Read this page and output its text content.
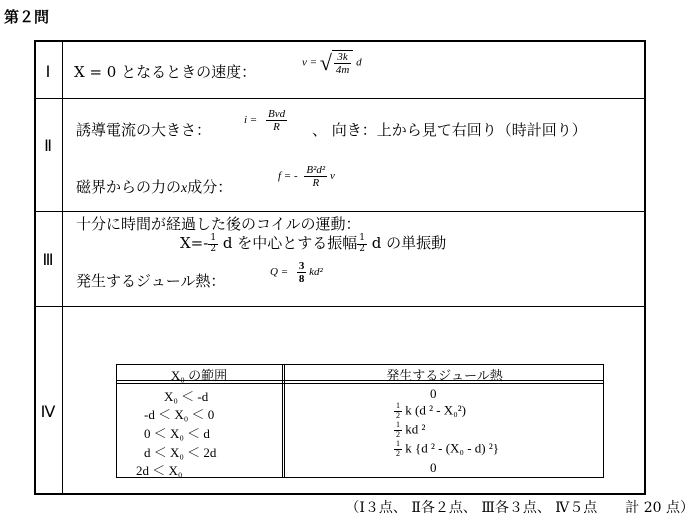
第２問
Ⅰ
Ⅱ
Ⅲ
Ⅳ
X = 0 となるときの速度：
v = √ $\frac{3k}{4m}$ d
誘導電流の大きさ：
$i = \frac{\text{Bvd}}{R}$ 、 向き：上から見て右回り（時計回り）
磁界からの力のx成分：
f = - $\frac{\text{B²d²}}{R}$ v
十分に時間が経過した後のコイルの運動：
$X=- \frac{1}{2}$ d を中心とする振幅 $\frac{1}{2}$ d の単振動
発生するジュール熱：	$Q = \frac{3}{8} kd^2$
X₀ の範囲	発生するジュール熱
X₀ ＜ -d
-d ＜ X₀ ＜ 0
0 ＜ X₀ ＜ d
d ＜ X₀ ＜ 2d
2d ＜ X₀
0
$\frac{1}{2}$ k (d ² - X₀²)
$\frac{1}{2}$ kd ²
$\frac{1}{2}$ k {d ² - (X₀ - d) ²}
0
（Ⅰ３点、 Ⅱ各２点、 Ⅲ各３点、 Ⅳ５点　　計 20 点）
